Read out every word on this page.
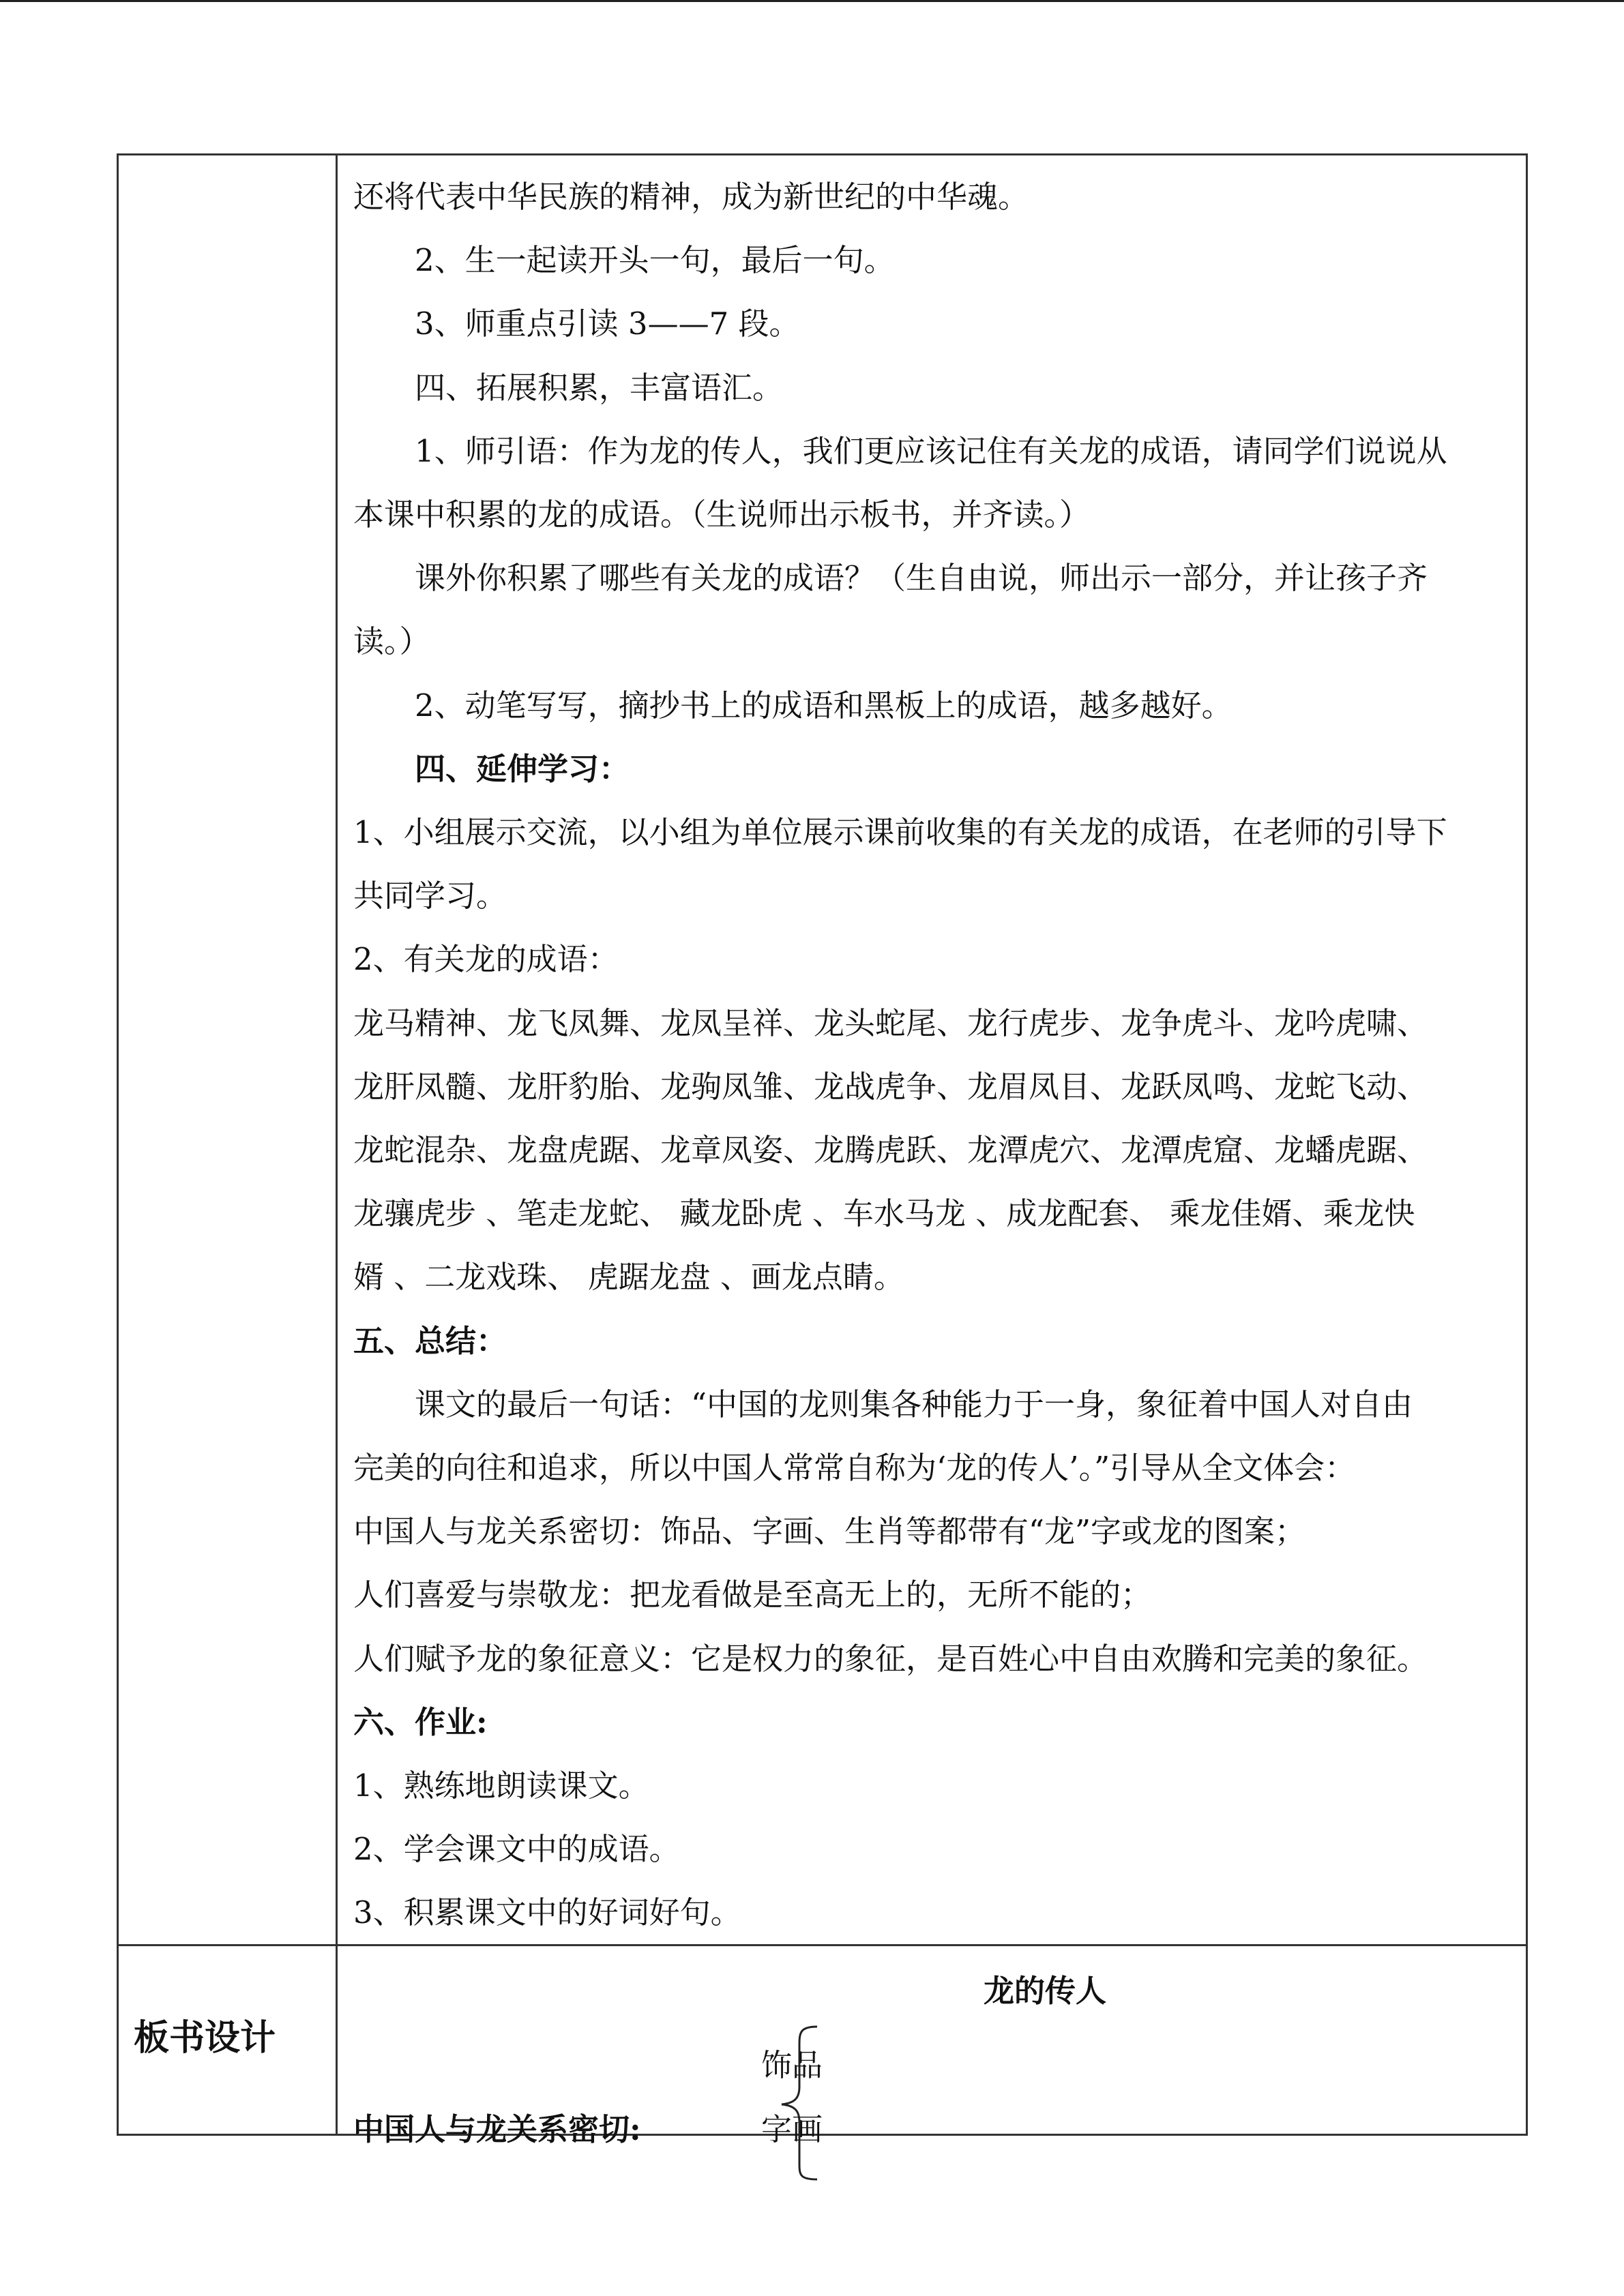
还将代表中华民族的精神，成为新世纪的中华魂。
2、生一起读开头一句，最后一句。
3、师重点引读 3——7 段。
四、拓展积累，丰富语汇。
1、师引语：作为龙的传人，我们更应该记住有关龙的成语，请同学们说说从
本课中积累的龙的成语。（生说师出示板书，并齐读。）
课外你积累了哪些有关龙的成语？（生自由说，师出示一部分，并让孩子齐
读。）
2、动笔写写，摘抄书上的成语和黑板上的成语，越多越好。
四、延伸学习：
1、小组展示交流，以小组为单位展示课前收集的有关龙的成语，在老师的引导下
共同学习。
2、有关龙的成语：
龙马精神、龙飞凤舞、龙凤呈祥、龙头蛇尾、龙行虎步、龙争虎斗、龙吟虎啸、
龙肝凤髓、龙肝豹胎、龙驹凤雏、龙战虎争、龙眉凤目、龙跃凤鸣、龙蛇飞动、
龙蛇混杂、龙盘虎踞、龙章凤姿、龙腾虎跃、龙潭虎穴、龙潭虎窟、龙蟠虎踞、
龙骧虎步 、笔走龙蛇、 藏龙卧虎 、车水马龙 、成龙配套、 乘龙佳婿、乘龙快
婿 、二龙戏珠、 虎踞龙盘 、画龙点睛。
五、总结：
课文的最后一句话：“中国的龙则集各种能力于一身，象征着中国人对自由
完美的向往和追求，所以中国人常常自称为‘龙的传人’。”引导从全文体会：
中国人与龙关系密切：饰品、字画、生肖等都带有“龙”字或龙的图案；
人们喜爱与崇敬龙：把龙看做是至高无上的，无所不能的；
人们赋予龙的象征意义：它是权力的象征，是百姓心中自由欢腾和完美的象征。
六、作业:
1、熟练地朗读课文。
2、学会课文中的成语。
3、积累课文中的好词好句。
板书设计
龙的传人
中国人与龙关系密切:
饰品
字画
